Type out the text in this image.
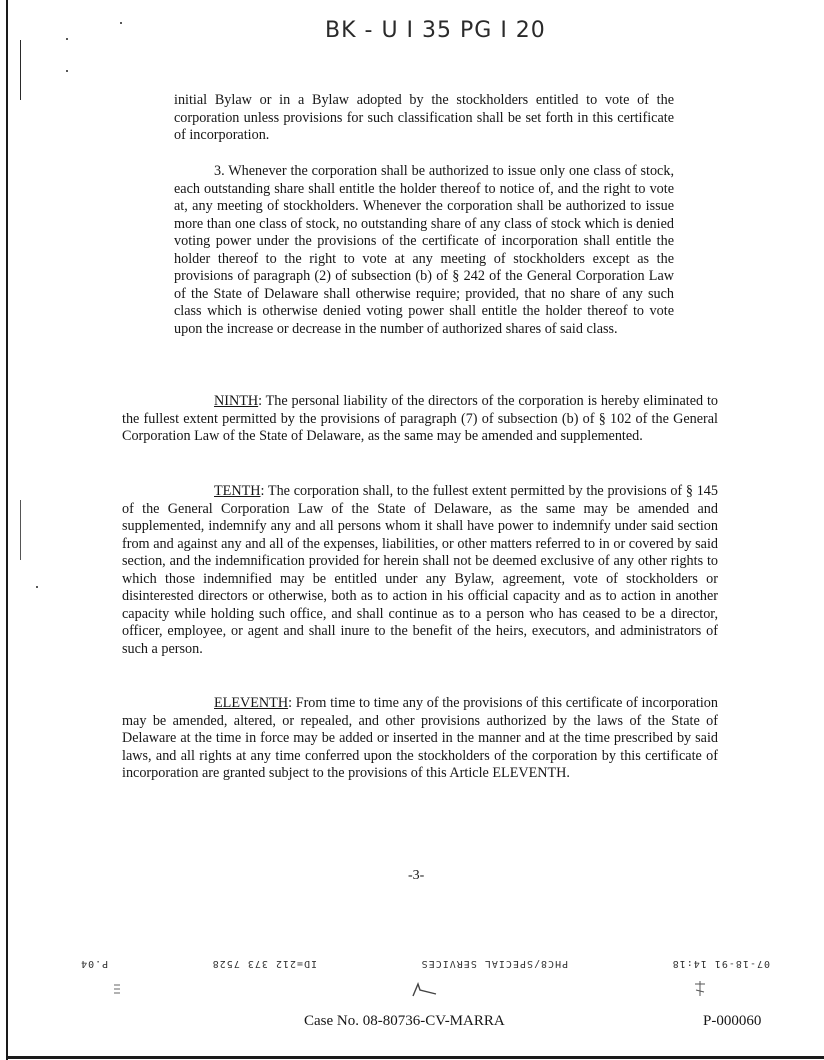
BK - U I 35 PG I 20

initial Bylaw or in a Bylaw adopted by the stockholders entitled to vote of the corporation unless provisions for such classification shall be set forth in this certificate of incorporation.

3. Whenever the corporation shall be authorized to issue only one class of stock, each outstanding share shall entitle the holder thereof to notice of, and the right to vote at, any meeting of stockholders. Whenever the corporation shall be authorized to issue more than one class of stock, no outstanding share of any class of stock which is denied voting power under the provisions of the certificate of incorporation shall entitle the holder thereof to the right to vote at any meeting of stockholders except as the provisions of paragraph (2) of subsection (b) of § 242 of the General Corporation Law of the State of Delaware shall otherwise require; provided, that no share of any such class which is otherwise denied voting power shall entitle the holder thereof to vote upon the increase or decrease in the number of authorized shares of said class.

NINTH: The personal liability of the directors of the corporation is hereby eliminated to the fullest extent permitted by the provisions of paragraph (7) of subsection (b) of § 102 of the General Corporation Law of the State of Delaware, as the same may be amended and supplemented.

TENTH: The corporation shall, to the fullest extent permitted by the provisions of § 145 of the General Corporation Law of the State of Delaware, as the same may be amended and supplemented, indemnify any and all persons whom it shall have power to indemnify under said section from and against any and all of the expenses, liabilities, or other matters referred to in or covered by said section, and the indemnification provided for herein shall not be deemed exclusive of any other rights to which those indemnified may be entitled under any Bylaw, agreement, vote of stockholders or disinterested directors or otherwise, both as to action in his official capacity and as to action in another capacity while holding such office, and shall continue as to a person who has ceased to be a director, officer, employee, or agent and shall inure to the benefit of the heirs, executors, and administrators of such a person.

ELEVENTH: From time to time any of the provisions of this certificate of incorporation may be amended, altered, or repealed, and other provisions authorized by the laws of the State of Delaware at the time in force may be added or inserted in the manner and at the time prescribed by said laws, and all rights at any time conferred upon the stockholders of the corporation by this certificate of incorporation are granted subject to the provisions of this Article ELEVENTH.

-3-
07-18-91 14:18
PHC8/SPECIAL SERVICES
ID=212 373 7528
P.04
Case No. 08-80736-CV-MARRA	P-000060
